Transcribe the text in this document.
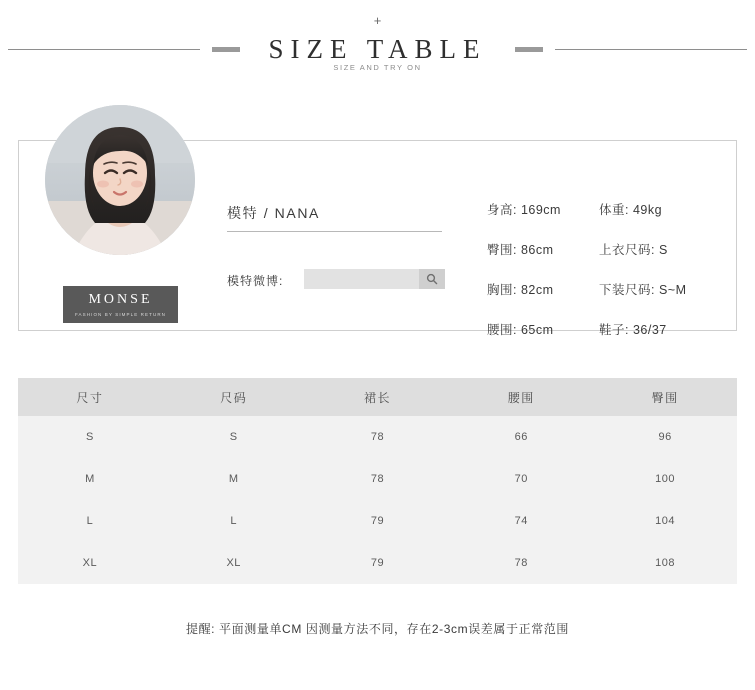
+
SIZE TABLE
SIZE AND TRY ON
MONSE
FASHION BY SIMPLE RETURN
模特 / NANA
模特微博:
身高: 169cm	体重: 49kg
臀围: 86cm	上衣尺码: S
胸围: 82cm	下装尺码: S~M
腰围: 65cm	鞋子: 36/37
尺寸	尺码	裙长	腰围	臀围
S	S	78	66	96
M	M	78	70	100
L	L	79	74	104
XL	XL	79	78	108
提醒: 平面测量单CM 因测量方法不同，存在2-3cm误差属于正常范围
